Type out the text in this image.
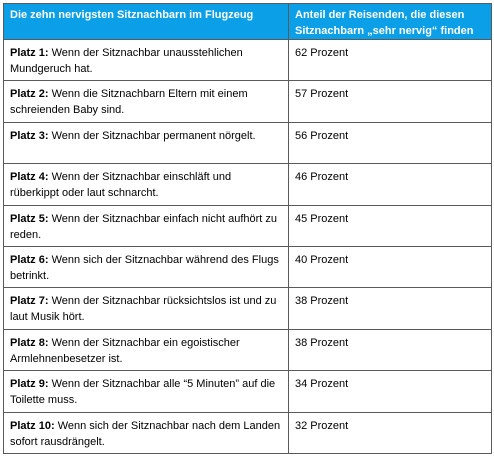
Die zehn nervigsten Sitznachbarn im Flugzeug	Anteil der Reisenden, die diesen Sitznachbarn „sehr nervig“ finden
Platz 1: Wenn der Sitznachbar unausstehlichen Mundgeruch hat.	62 Prozent
Platz 2: Wenn die Sitznachbarn Eltern mit einem schreienden Baby sind.	57 Prozent
Platz 3: Wenn der Sitznachbar permanent nörgelt.	56 Prozent
Platz 4: Wenn der Sitznachbar einschläft und rüberkippt oder laut schnarcht.	46 Prozent
Platz 5: Wenn der Sitznachbar einfach nicht aufhört zu reden.	45 Prozent
Platz 6: Wenn sich der Sitznachbar während des Flugs betrinkt.	40 Prozent
Platz 7: Wenn der Sitznachbar rücksichtslos ist und zu laut Musik hört.	38 Prozent
Platz 8: Wenn der Sitznachbar ein egoistischer Armlehnenbesetzer ist.	38 Prozent
Platz 9: Wenn der Sitznachbar alle “5 Minuten” auf die Toilette muss.	34 Prozent
Platz 10: Wenn sich der Sitznachbar nach dem Landen sofort rausdrängelt.	32 Prozent
